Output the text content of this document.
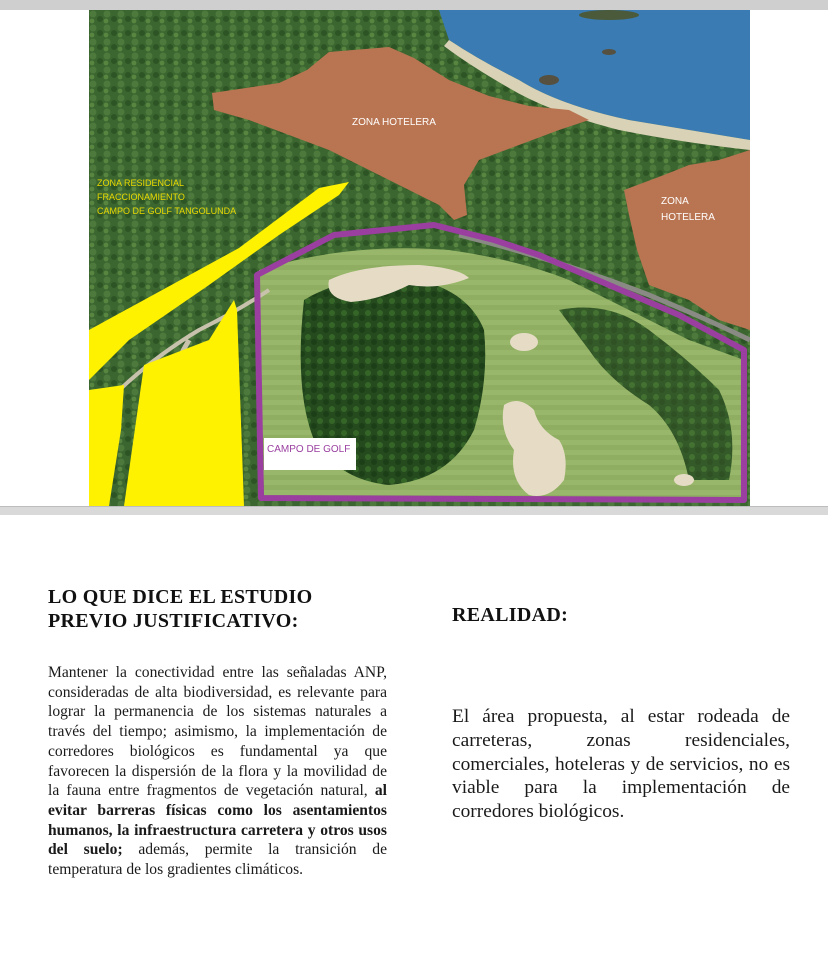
ZONA HOTELERA
ZONA
HOTELERA
ZONA RESIDENCIAL
FRACCIONAMIENTO
CAMPO DE GOLF TANGOLUNDA
CAMPO DE GOLF
LO QUE DICE EL ESTUDIO
PREVIO JUSTIFICATIVO:	REALIDAD:
Mantener la conectividad entre las señaladas ANP, consideradas de alta biodiversidad, es relevante para lograr la permanencia de los sistemas naturales a través del tiempo; asimismo, la implementación de corredores biológicos es fundamental ya que favorecen la dispersión de la flora y la movilidad de la fauna entre fragmentos de vegetación natural, al evitar barreras físicas como los asentamientos humanos, la infraestructura carretera y otros usos del suelo; además, permite la transición de temperatura de los gradientes climáticos.
El área propuesta, al estar rodeada de carreteras, zonas residenciales, comerciales, hoteleras y de servicios, no es viable para la implementación de corredores biológicos.
